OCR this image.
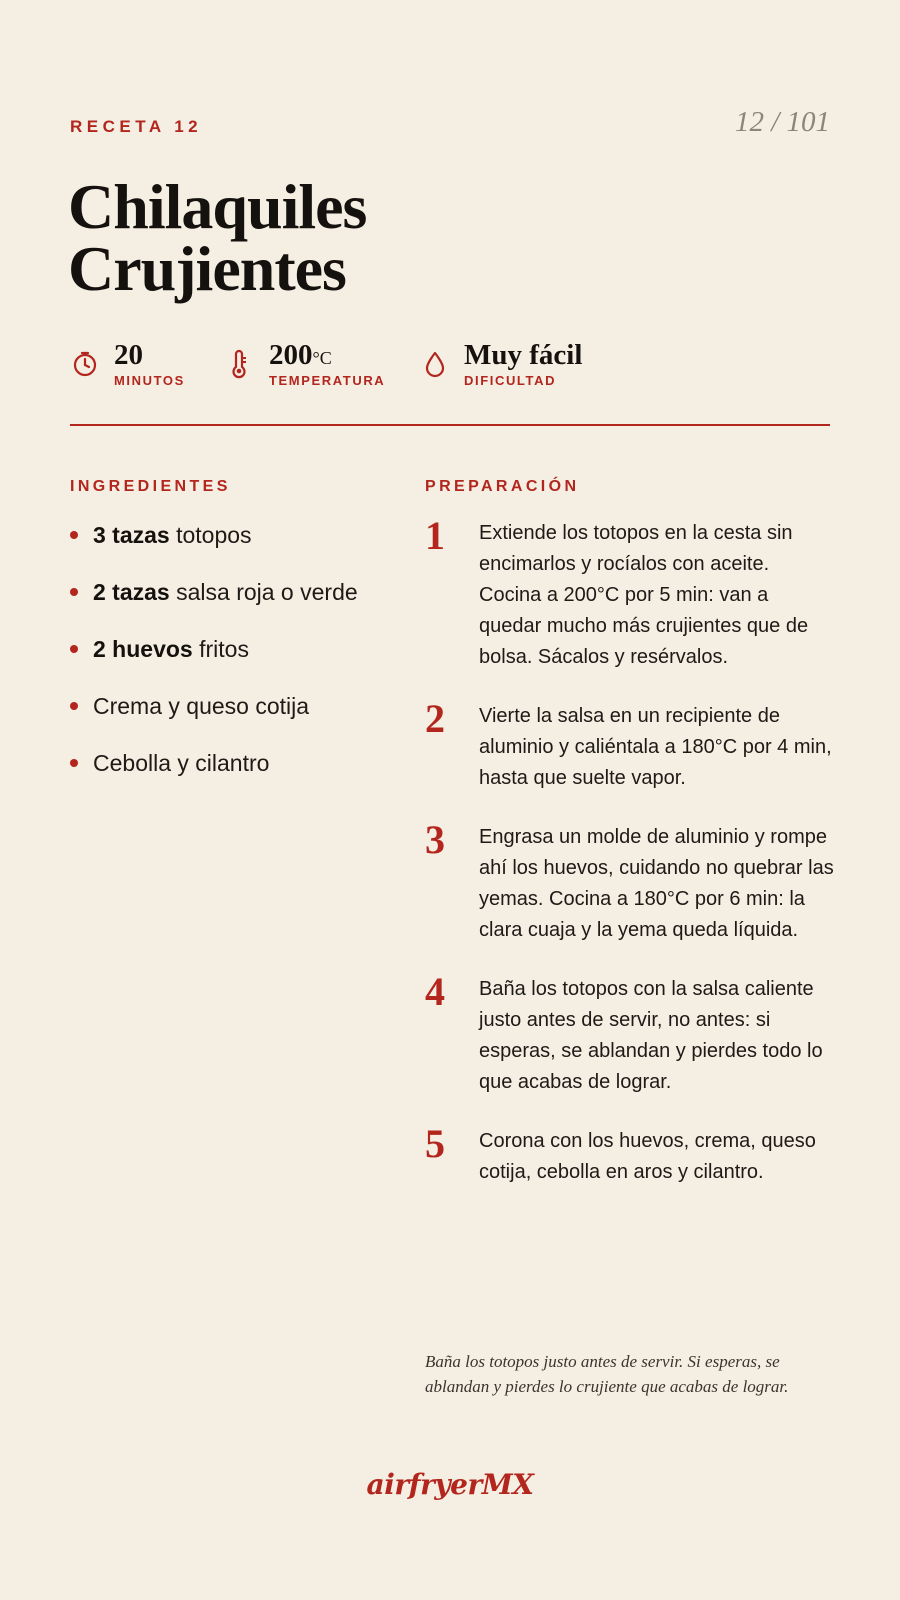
RECETA 12	12 / 101
Chilaquiles
Crujientes
20
MINUTOS
200°C
TEMPERATURA
Muy fácil
DIFICULTAD
INGREDIENTES	PREPARACIÓN
3 tazas totopos
2 tazas salsa roja o verde
2 huevos fritos
Crema y queso cotija
Cebolla y cilantro
1	Extiende los totopos en la cesta sin encimarlos y rocíalos con aceite. Cocina a 200°C por 5 min: van a quedar mucho más crujientes que de bolsa. Sácalos y resérvalos.
2	Vierte la salsa en un recipiente de aluminio y caliéntala a 180°C por 4 min, hasta que suelte vapor.
3	Engrasa un molde de aluminio y rompe ahí los huevos, cuidando no quebrar las yemas. Cocina a 180°C por 6 min: la clara cuaja y la yema queda líquida.
4	Baña los totopos con la salsa caliente justo antes de servir, no antes: si esperas, se ablandan y pierdes todo lo que acabas de lograr.
5	Corona con los huevos, crema, queso cotija, cebolla en aros y cilantro.

Baña los totopos justo antes de servir. Si esperas, se ablandan y pierdes lo crujiente que acabas de lograr.

airfryerMX
